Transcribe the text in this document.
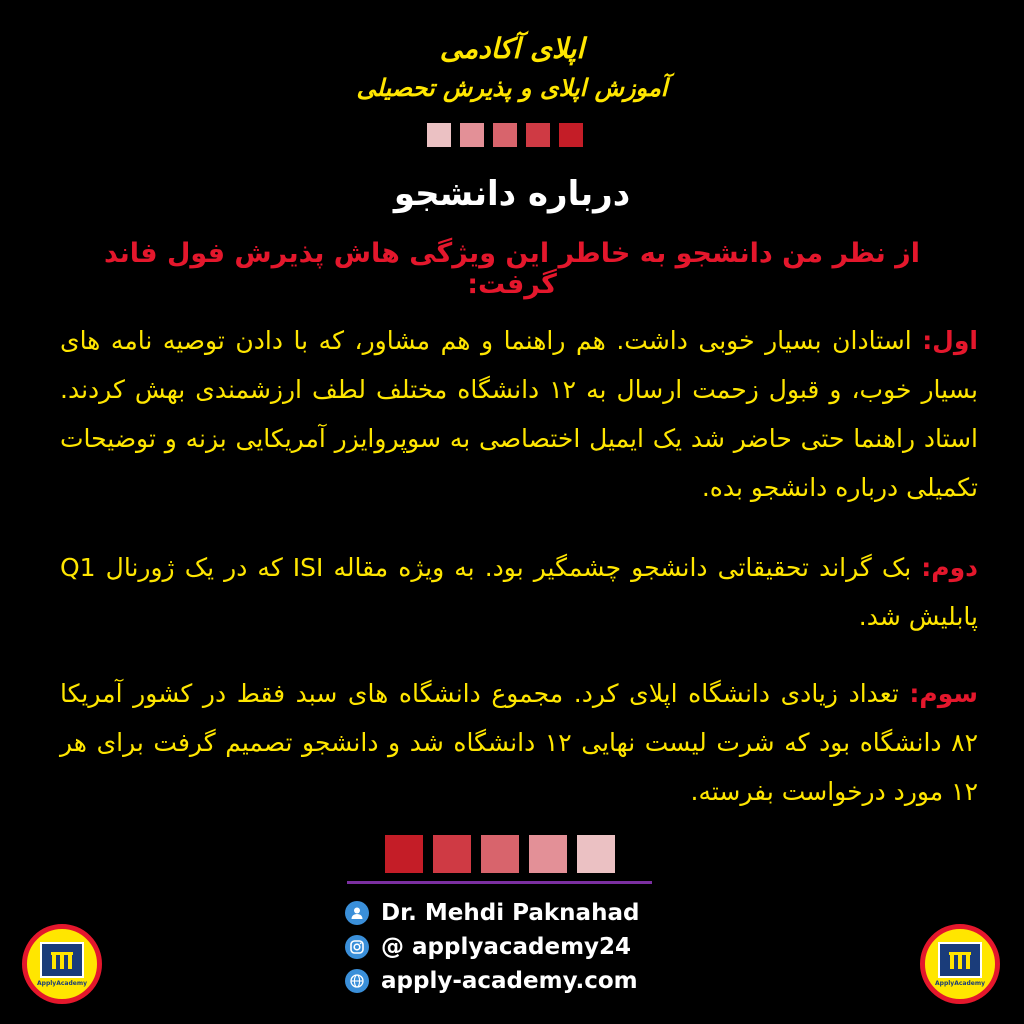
اپلای آکادمی
آموزش اپلای و پذیرش تحصیلی
درباره دانشجو
از نظر من دانشجو به خاطر این ویژگی هاش پذیرش فول فاند گرفت:
اول: استادان بسیار خوبی داشت. هم راهنما و هم مشاور، که با دادن توصیه نامه های بسیار خوب، و قبول زحمت ارسال به ۱۲ دانشگاه مختلف لطف ارزشمندی بهش کردند. استاد راهنما حتی حاضر شد یک ایمیل اختصاصی به سوپروایزر آمریکایی بزنه و توضیحات تکمیلی درباره دانشجو بده.
دوم: بک گراند تحقیقاتی دانشجو چشمگیر بود. به ویژه مقاله ISI که در یک ژورنال Q1 پابلیش شد.
سوم: تعداد زیادی دانشگاه اپلای کرد. مجموع دانشگاه های سبد فقط در کشور آمریکا ۸۲ دانشگاه بود که شرت لیست نهایی ۱۲ دانشگاه شد و دانشجو تصمیم گرفت برای هر ۱۲ مورد درخواست بفرسته.
Dr. Mehdi Paknahad
@ applyacademy24
apply-academy.com
ApplyAcademy	ApplyAcademy
